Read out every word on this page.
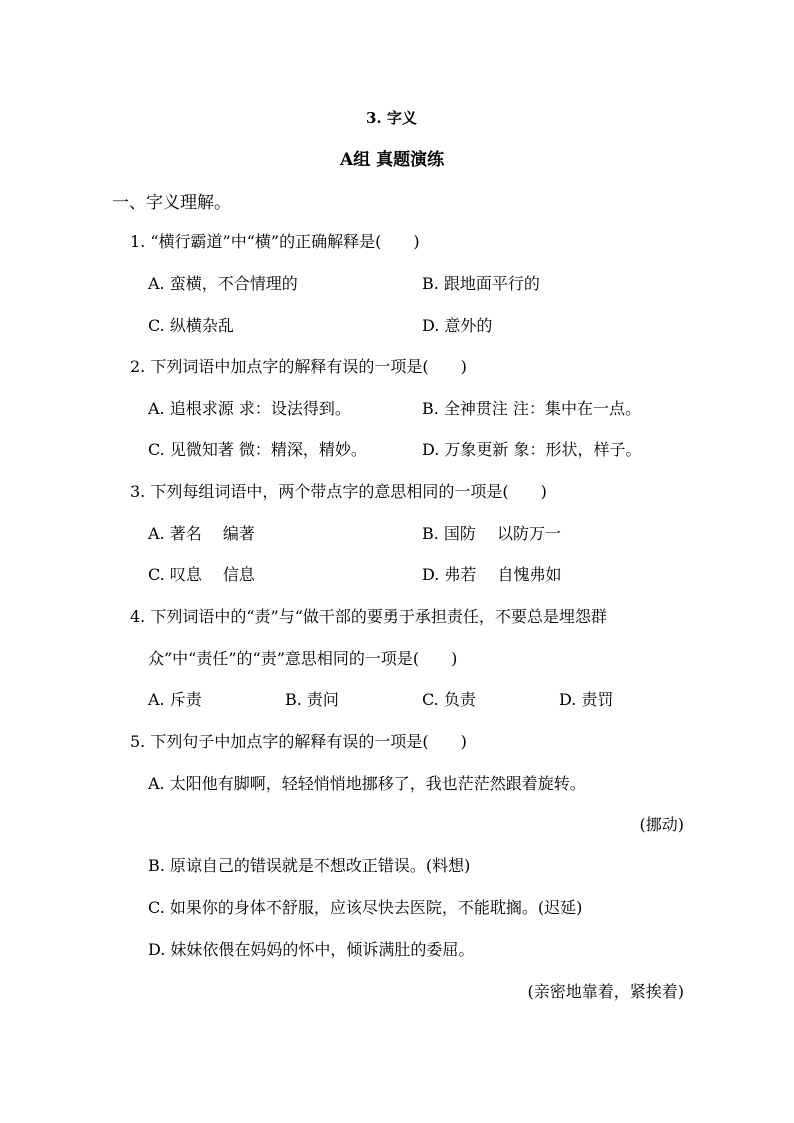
3. 字义
A组 真题演练
一、字义理解。
1. “横行霸道”中“横”的正确解释是(　　)
A. 蛮横，不合情理的	B. 跟地面平行的
C. 纵横杂乱	D. 意外的
2. 下列词语中加点字的解释有误的一项是(　　)
A. 追根求源 求：设法得到。	B. 全神贯注 注：集中在一点。
C. 见微知著 微：精深，精妙。	D. 万象更新 象：形状，样子。
3. 下列每组词语中，两个带点字的意思相同的一项是(　　)
A. 著名　 编著	B. 国防　 以防万一
C. 叹息　 信息	D. 弗若　 自愧弗如
4. 下列词语中的“责”与“做干部的要勇于承担责任，不要总是埋怨群
众”中“责任”的“责”意思相同的一项是(　　)
A. 斥责	B. 责问	C. 负责	D. 责罚
5. 下列句子中加点字的解释有误的一项是(　　)
A. 太阳他有脚啊，轻轻悄悄地挪移了，我也茫茫然跟着旋转。
(挪动)
B. 原谅自己的错误就是不想改正错误。(料想)
C. 如果你的身体不舒服，应该尽快去医院，不能耽搁。(迟延)
D. 妹妹依偎在妈妈的怀中，倾诉满肚的委屈。
(亲密地靠着，紧挨着)
